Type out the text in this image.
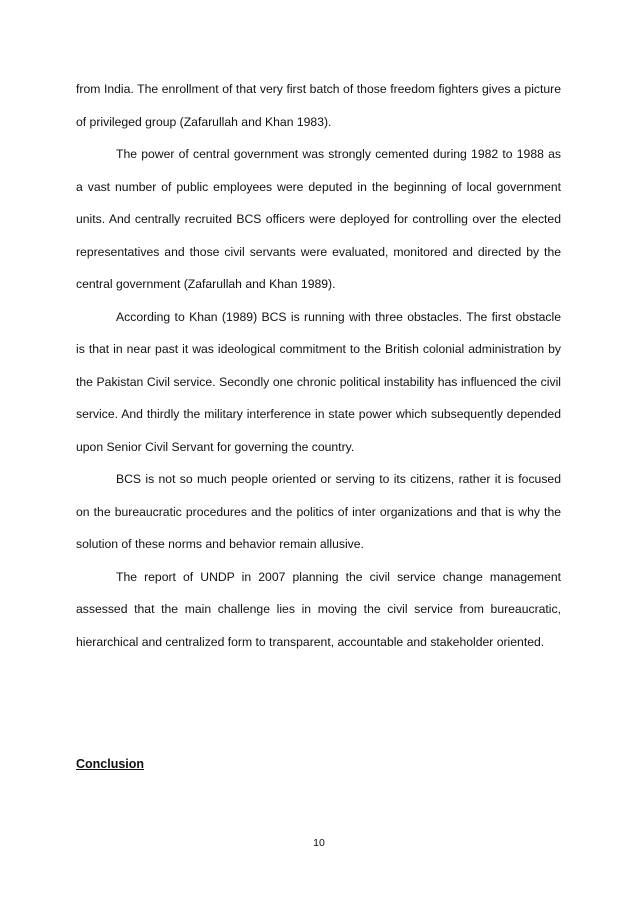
from India. The enrollment of that very first batch of those freedom fighters gives a picture of privileged group (Zafarullah and Khan 1983).

The power of central government was strongly cemented during 1982 to 1988 as a vast number of public employees were deputed in the beginning of local government units. And centrally recruited BCS officers were deployed for controlling over the elected representatives and those civil servants were evaluated, monitored and directed by the central government (Zafarullah and Khan 1989).

According to Khan (1989) BCS is running with three obstacles. The first obstacle is that in near past it was ideological commitment to the British colonial administration by the Pakistan Civil service. Secondly one chronic political instability has influenced the civil service. And thirdly the military interference in state power which subsequently depended upon Senior Civil Servant for governing the country.

BCS is not so much people oriented or serving to its citizens, rather it is focused on the bureaucratic procedures and the politics of inter organizations and that is why the solution of these norms and behavior remain allusive.

The report of UNDP in 2007 planning the civil service change management assessed that the main challenge lies in moving the civil service from bureaucratic, hierarchical and centralized form to transparent, accountable and stakeholder oriented.

Conclusion
10
